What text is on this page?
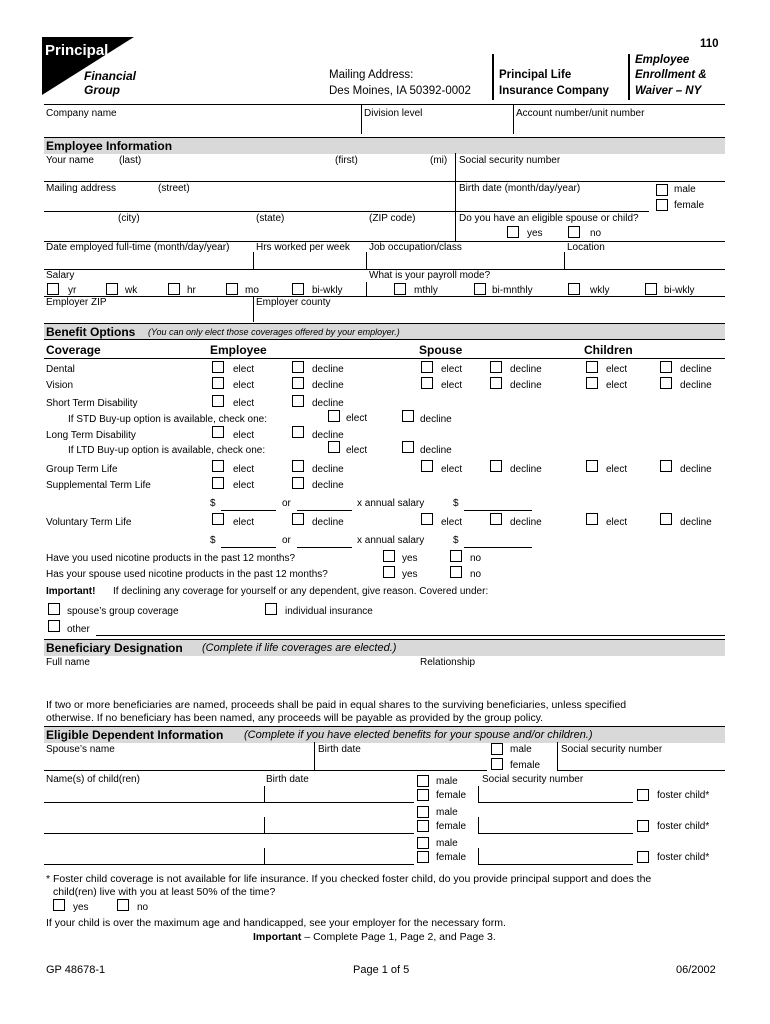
Principal
Financial
Group
110
Mailing Address:
Des Moines, IA 50392-0002
Principal Life
Insurance Company
Employee
Enrollment &
Waiver – NY
Company name	Division level	Account number/unit number
Employee Information
Your name	(last)	(first)	(mi) Social security number
Mailing address	(street)	Birth date (month/day/year)	male
female
(city)	(state)	(ZIP code)	Do you have an eligible spouse or child?
yes	no
Date employed full-time (month/day/year)	Hrs worked per week Job occupation/class	Location
Salary	What is your payroll mode?
yr	wk	hr	mo	bi-wkly	mthly	bi-mnthly	wkly	bi-wkly
Employer ZIP	Employer county
Benefit Options (You can only elect those coverages offered by your employer.)
Coverage	Employee	Spouse	Children
Dental	elect	decline	elect	decline	elect	decline
Vision	elect	decline	elect	decline	elect	decline
Short Term Disability	elect	decline
If STD Buy-up option is available, check one:	elect	decline
Long Term Disability	elect	decline
If LTD Buy-up option is available, check one:	elect	decline
Group Term Life	elect	decline	elect	decline	elect	decline
Supplemental Term Life	elect	decline
$	or	x annual salary	$
Voluntary Term Life	elect	decline	elect	decline	elect	decline
$	or	x annual salary	$
Have you used nicotine products in the past 12 months?	yes	no
Has your spouse used nicotine products in the past 12 months?	yes	no
Important! If declining any coverage for yourself or any dependent, give reason. Covered under:
spouse’s group coverage	individual insurance
other
Beneficiary Designation (Complete if life coverages are elected.)
Full name	Relationship
If two or more beneficiaries are named, proceeds shall be paid in equal shares to the surviving beneficiaries, unless specified
otherwise. If no beneficiary has been named, any proceeds will be payable as provided by the group policy.
Eligible Dependent Information (Complete if you have elected benefits for your spouse and/or children.)
Spouse’s name	Birth date	male
female
Social security number
Name(s) of child(ren)	Birth date	Social security number
male
female	foster child*
male
female	foster child*
male
female	foster child*
* Foster child coverage is not available for life insurance. If you checked foster child, do you provide principal support and does the
child(ren) live with you at least 50% of the time?
yes	no
If your child is over the maximum age and handicapped, see your employer for the necessary form.
Important – Complete Page 1, Page 2, and Page 3.
GP 48678-1	Page 1 of 5	06/2002
